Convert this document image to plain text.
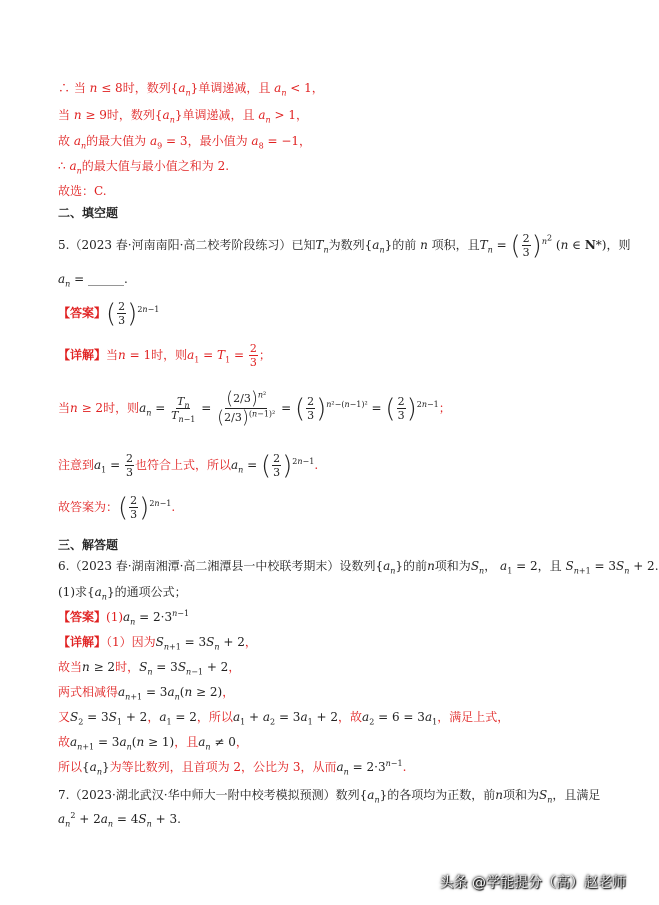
∴ 当 n ≤ 8时，数列$\{a_n\}$单调递减，且 $a_n < 1$，
当 n ≥ 9时，数列$\{a_n\}$单调递减，且 $a_n > 1$，
故 $a_n$的最大值为 $a_9 = 3$，最小值为 $a_8 = -1$，
∴ $a_n$的最大值与最小值之和为 2.
故选：C.
二、填空题
5.（2023 春·河南南阳·高二校考阶段练习）已知$T_n$为数列$\{a_n\}$的前 n 项积，且$T_n$ = ( $\frac{2}{3} )^{n^2}$ (n ∈ N*)，则
$a_n$ = ______.
【答案】( $\frac{2}{3} )^{2n-1}$
【详解】当n = 1时，则$a_1 = T_1 = \frac{2}{3}$ ；
当n ≥ 2时，则$a_n = \frac{T_n}{T_{n-1}} = \frac{(2/3)^{n^2}}{(2/3)^{(n-1)^2}}$ = ( $\frac{2}{3} )^{n^2-(n-1)^2}$ = ( $\frac{2}{3} )^{2n-1}$；
注意到$a_1 = \frac{2}{3}$ 也符合上式，所以$a_n$ = ( $\frac{2}{3} )^{2n-1}$.
故答案为：( $\frac{2}{3} )^{2n-1}$.
三、解答题
6.（2023 春·湖南湘潭·高二湘潭县一中校联考期末）设数列$\{a_n\}$的前n项和为$S_n$， $a_1 = 2$，且 $S_{n+1} = 3S_n + 2$.
(1)求$\{a_n\}$的通项公式；
【答案】$(1)a_n = 2\cdot 3^{n-1}$
【详解】（1）因为$S_{n+1} = 3S_n + 2$，
故当n ≥ 2时，$S_n = 3S_{n-1} + 2$，
两式相减得$a_{n+1} = 3a_n(n \ge 2)$，
又$S_2 = 3S_1 + 2$，$a_1 = 2$，所以$a_1 + a_2 = 3a_1 + 2$，故$a_2 = 6 = 3a_1$，满足上式，
故$a_{n+1} = 3a_n(n \ge 1)$，且$a_n \ne 0$，
所以$\{a_n\}$为等比数列，且首项为 2，公比为 3，从而$a_n = 2\cdot 3^{n-1}$.
7.（2023·湖北武汉·华中师大一附中校考模拟预测）数列$\{a_n\}$的各项均为正数，前n项和为$S_n$，且满足
$a_n^2 + 2a_n = 4S_n + 3$.
头条 @学能提分（高）赵老师
